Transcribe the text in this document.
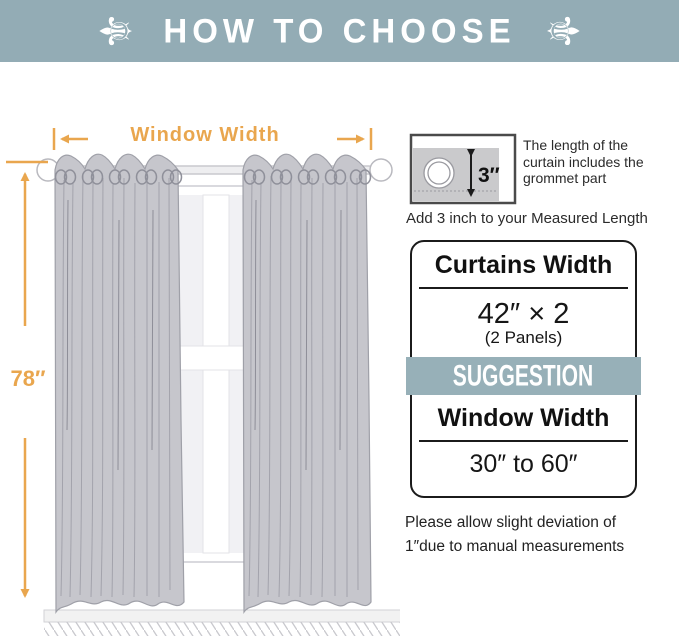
⚜ HOW TO CHOOSE ⚜
Window Width
78″
3″
The length of the curtain includes the grommet part
Add 3 inch to your Measured Length
Curtains Width
42″ × 2
(2 Panels)
SUGGESTION
Window Width
30″ to 60″
Please allow slight deviation of
1″due to manual measurements
